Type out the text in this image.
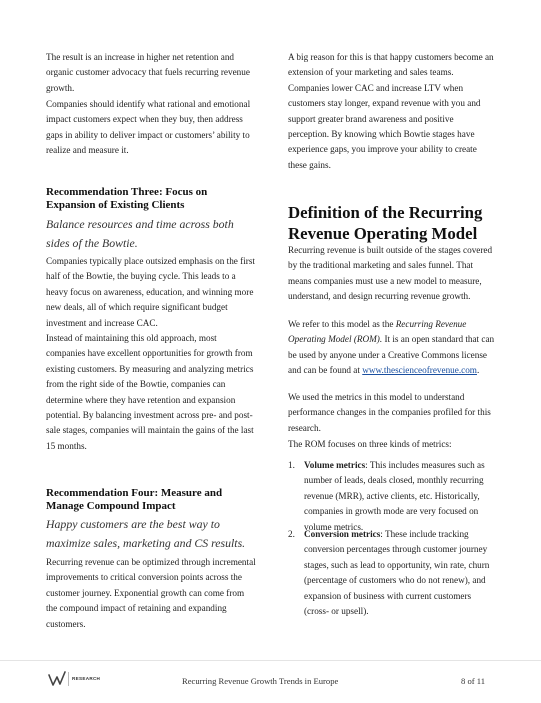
The result is an increase in higher net retention and organic customer advocacy that fuels recurring revenue growth.

Companies should identify what rational and emotional impact customers expect when they buy, then address gaps in ability to deliver impact or customers’ ability to realize and measure it.

Recommendation Three: Focus on Expansion of Existing Clients

Balance resources and time across both sides of the Bowtie.

Companies typically place outsized emphasis on the first half of the Bowtie, the buying cycle. This leads to a heavy focus on awareness, education, and winning more new deals, all of which require significant budget investment and increase CAC.

Instead of maintaining this old approach, most companies have excellent opportunities for growth from existing customers. By measuring and analyzing metrics from the right side of the Bowtie, companies can determine where they have retention and expansion potential. By balancing investment across pre- and post-sale stages, companies will maintain the gains of the last 15 months.

Recommendation Four: Measure and Manage Compound Impact

Happy customers are the best way to maximize sales, marketing and CS results.

Recurring revenue can be optimized through incremental improvements to critical conversion points across the customer journey. Exponential growth can come from the compound impact of retaining and expanding customers.

A big reason for this is that happy customers become an extension of your marketing and sales teams. Companies lower CAC and increase LTV when customers stay longer, expand revenue with you and support greater brand awareness and positive perception. By knowing which Bowtie stages have experience gaps, you improve your ability to create these gains.

Definition of the Recurring Revenue Operating Model

Recurring revenue is built outside of the stages covered by the traditional marketing and sales funnel. That means companies must use a new model to measure, understand, and design recurring revenue growth.

We refer to this model as the Recurring Revenue Operating Model (ROM). It is an open standard that can be used by anyone under a Creative Commons license and can be found at www.thescienceofrevenue.com.

We used the metrics in this model to understand performance changes in the companies profiled for this research.

The ROM focuses on three kinds of metrics:

1. Volume metrics: This includes measures such as number of leads, deals closed, monthly recurring revenue (MRR), active clients, etc. Historically, companies in growth mode are very focused on volume metrics.

2. Conversion metrics: These include tracking conversion percentages through customer journey stages, such as lead to opportunity, win rate, churn (percentage of customers who do not renew), and expansion of business with current customers (cross- or upsell).

RESEARCH	Recurring Revenue Growth Trends in Europe	8 of 11
